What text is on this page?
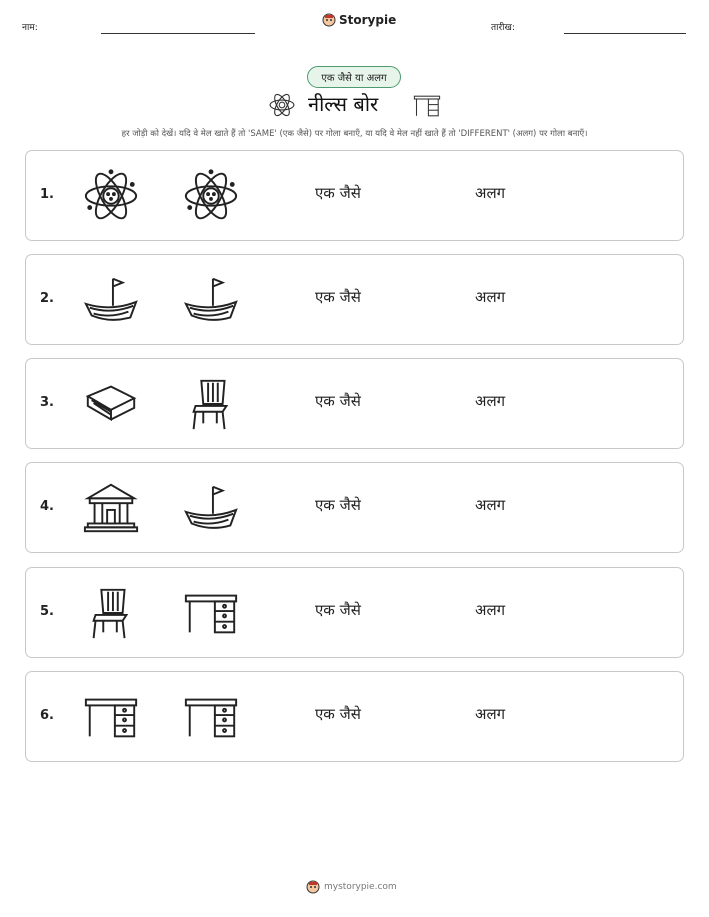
नाम:
Storypie
तारीख:
एक जैसे या अलग
नील्स बोर
हर जोड़ी को देखें। यदि वे मेल खाते हैं तो 'SAME' (एक जैसे) पर गोला बनाएँ, या यदि वे मेल नहीं खाते हैं तो 'DIFFERENT' (अलग) पर गोला बनाएँ।
1.	एक जैसे	अलग
2.	एक जैसे	अलग
3.	एक जैसे	अलग
4.	एक जैसे	अलग
5.	एक जैसे	अलग
6.	एक जैसे	अलग
mystorypie.com
